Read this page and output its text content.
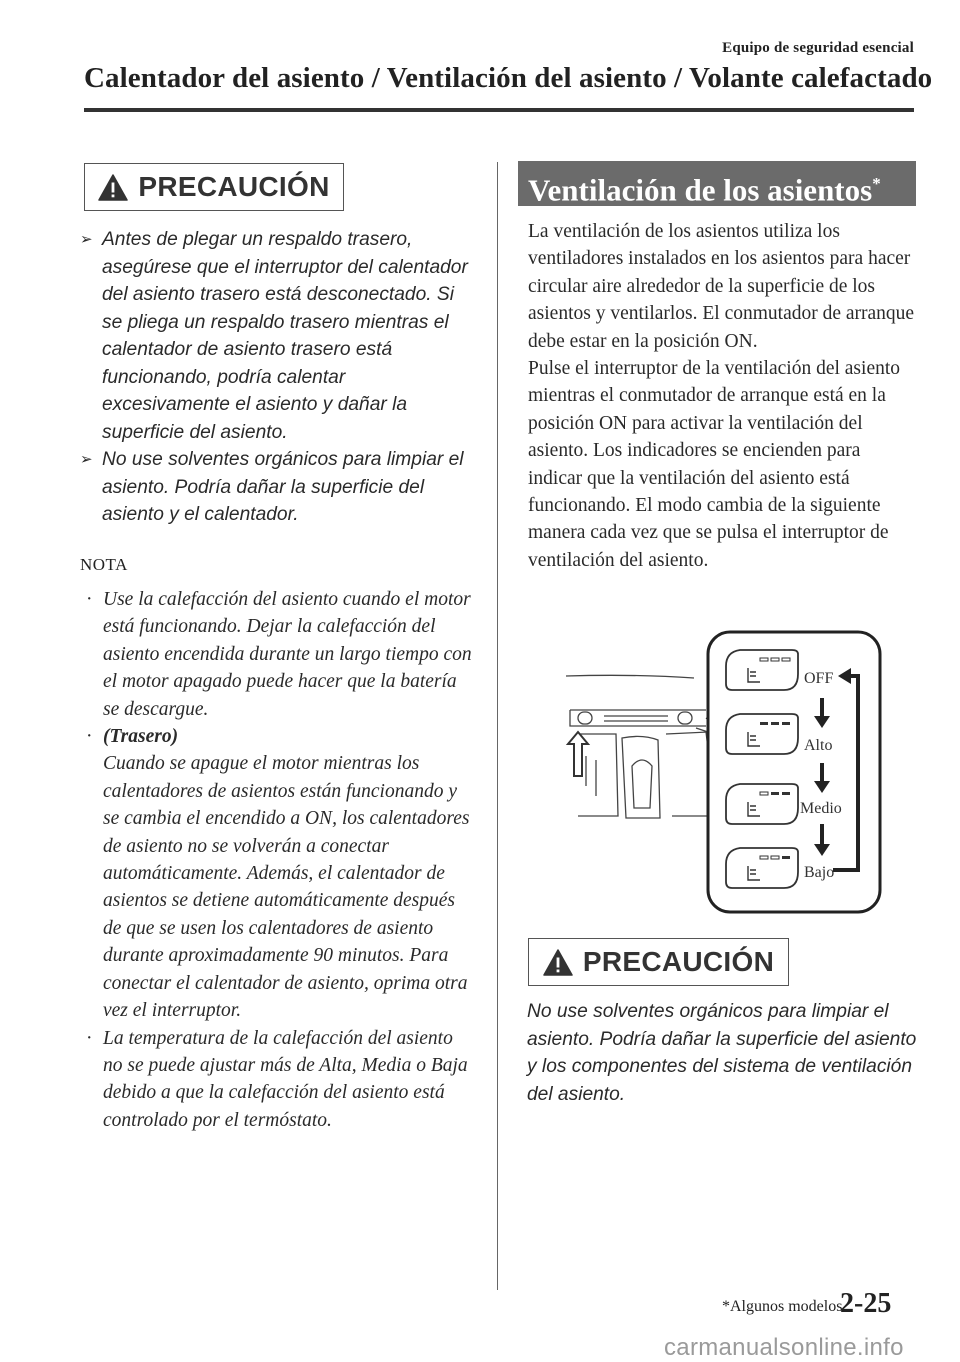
Equipo de seguridad esencial
Calentador del asiento / Ventilación del asiento / Volante calefactado
PRECAUCIÓN
➢ Antes de plegar un respaldo trasero, asegúrese que el interruptor del calentador del asiento trasero está desconectado. Si se pliega un respaldo trasero mientras el calentador de asiento trasero está funcionando, podría calentar excesivamente el asiento y dañar la superficie del asiento.
➢ No use solventes orgánicos para limpiar el asiento. Podría dañar la superficie del asiento y el calentador.
NOTA
· Use la calefacción del asiento cuando el motor está funcionando. Dejar la calefacción del asiento encendida durante un largo tiempo con el motor apagado puede hacer que la batería se descargue.
· (Trasero)
Cuando se apague el motor mientras los calentadores de asientos están funcionando y se cambia el encendido a ON, los calentadores de asiento no se volverán a conectar automáticamente. Además, el calentador de asientos se detiene automáticamente después de que se usen los calentadores de asiento durante aproximadamente 90 minutos. Para conectar el calentador de asiento, oprima otra vez el interruptor.
· La temperatura de la calefacción del asiento no se puede ajustar más de Alta, Media o Baja debido a que la calefacción del asiento está controlado por el termóstato.
Ventilación de los asientos*

La ventilación de los asientos utiliza los ventiladores instalados en los asientos para hacer circular aire alrededor de la superficie de los asientos y ventilarlos. El conmutador de arranque debe estar en la posición ON.

Pulse el interruptor de la ventilación del asiento mientras el conmutador de arranque está en la posición ON para activar la ventilación del asiento. Los indicadores se encienden para indicar que la ventilación del asiento está funcionando. El modo cambia de la siguiente manera cada vez que se pulsa el interruptor de ventilación del asiento.

OFF
Alto
Medio
Bajo
PRECAUCIÓN
No use solventes orgánicos para limpiar el asiento. Podría dañar la superficie del asiento y los componentes del sistema de ventilación del asiento.
*Algunos modelos
2-25
carmanualsonline.info
